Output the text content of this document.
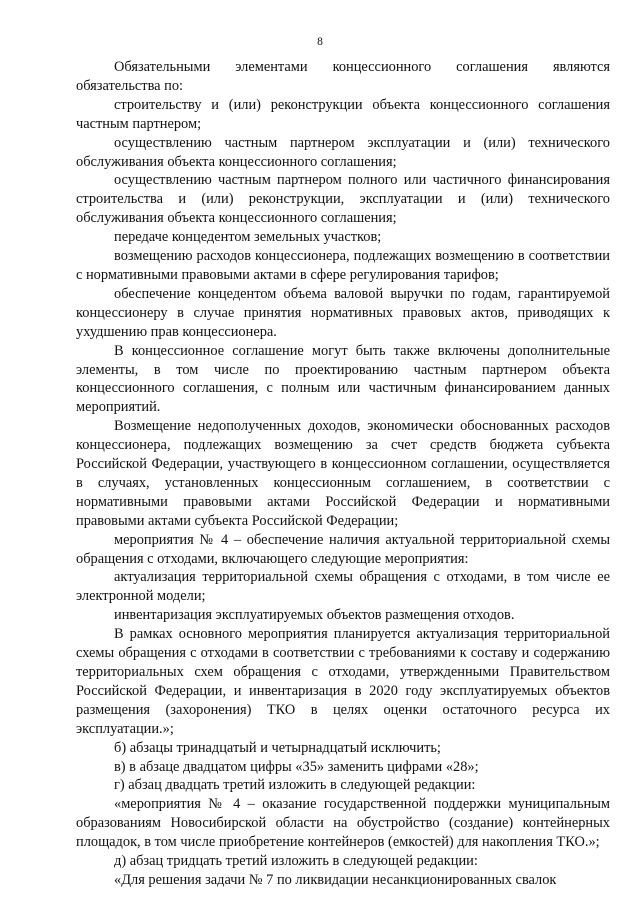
8

Обязательными элементами концессионного соглашения являются обязательства по:

строительству и (или) реконструкции объекта концессионного соглашения частным партнером;

осуществлению частным партнером эксплуатации и (или) технического обслуживания объекта концессионного соглашения;

осуществлению частным партнером полного или частичного финансирования строительства и (или) реконструкции, эксплуатации и (или) технического обслуживания объекта концессионного соглашения;

передаче концедентом земельных участков;

возмещению расходов концессионера, подлежащих возмещению в соответствии с нормативными правовыми актами в сфере регулирования тарифов;

обеспечение концедентом объема валовой выручки по годам, гарантируемой концессионеру в случае принятия нормативных правовых актов, приводящих к ухудшению прав концессионера.

В концессионное соглашение могут быть также включены дополнительные элементы, в том числе по проектированию частным партнером объекта концессионного соглашения, с полным или частичным финансированием данных мероприятий.

Возмещение недополученных доходов, экономически обоснованных расходов концессионера, подлежащих возмещению за счет средств бюджета субъекта Российской Федерации, участвующего в концессионном соглашении, осуществляется в случаях, установленных концессионным соглашением, в соответствии с нормативными правовыми актами Российской Федерации и нормативными правовыми актами субъекта Российской Федерации;

мероприятия № 4 – обеспечение наличия актуальной территориальной схемы обращения с отходами, включающего следующие мероприятия:

актуализация территориальной схемы обращения с отходами, в том числе ее электронной модели;

инвентаризация эксплуатируемых объектов размещения отходов.

В рамках основного мероприятия планируется актуализация территориальной схемы обращения с отходами в соответствии с требованиями к составу и содержанию территориальных схем обращения с отходами, утвержденными Правительством Российской Федерации, и инвентаризация в 2020 году эксплуатируемых объектов размещения (захоронения) ТКО в целях оценки остаточного ресурса их эксплуатации.»;

б) абзацы тринадцатый и четырнадцатый исключить;

в) в абзаце двадцатом цифры «35» заменить цифрами «28»;

г) абзац двадцать третий изложить в следующей редакции:

«мероприятия № 4 – оказание государственной поддержки муниципальным образованиям Новосибирской области на обустройство (создание) контейнерных площадок, в том числе приобретение контейнеров (емкостей) для накопления ТКО.»;

д) абзац тридцать третий изложить в следующей редакции:

«Для решения задачи № 7 по ликвидации несанкционированных свалок
